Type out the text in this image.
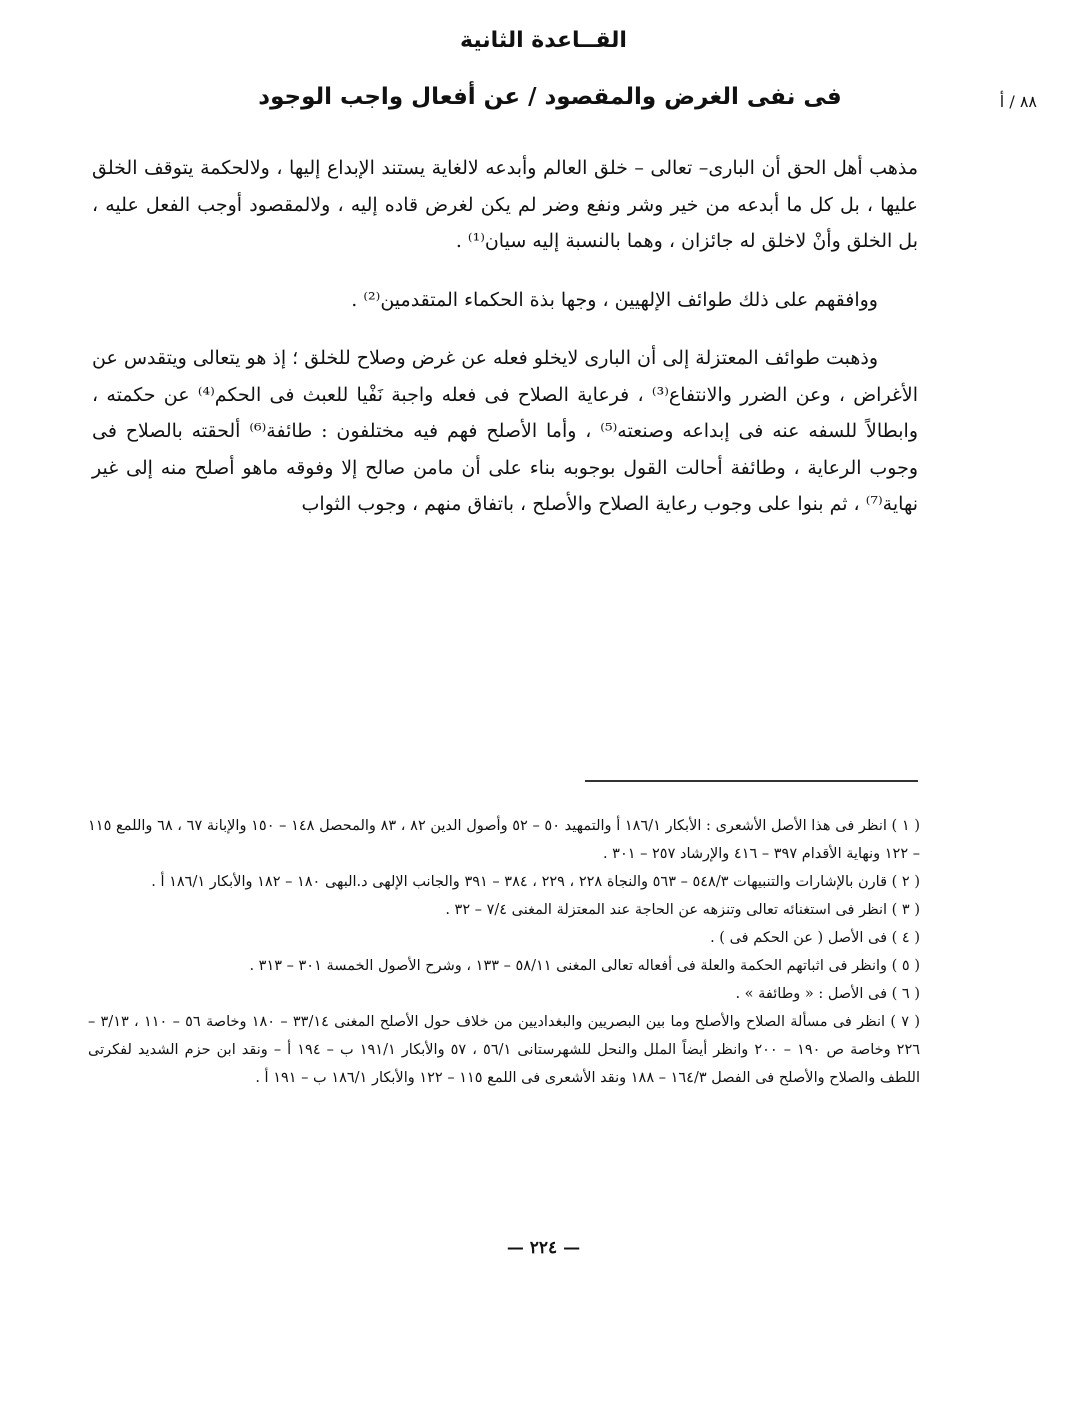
٨٨ / ﺃ
القــاعدة الثانية
فى نفى الغرض والمقصود / عن أفعال واجب الوجود

مذهب أهل الحق أن البارى– تعالى – خلق العالم وأبدعه لالغاية يستند الإبداع إليها ، ولالحكمة يتوقف الخلق عليها ، بل كل ما أبدعه من خير وشر ونفع وضر لم يكن لغرض قاده إليه ، ولالمقصود أوجب الفعل عليه ، بل الخلق وأنْ لاخلق له جائزان ، وهما بالنسبة إليه سيان⁽¹⁾ .

ووافقهم على ذلك طوائف الإلهيين ، وجها بذة الحكماء المتقدمين⁽²⁾ .

وذهبت طوائف المعتزلة إلى أن البارى لايخلو فعله عن غرض وصلاح للخلق ؛ إذ هو يتعالى ويتقدس عن الأغراض ، وعن الضرر والانتفاع⁽³⁾ ، فرعاية الصلاح فى فعله واجبة نَفْيا للعبث فى الحكم⁽⁴⁾ عن حكمته ، وابطالاً للسفه عنه فى إبداعه وصنعته⁽⁵⁾ ، وأما الأصلح فهم فيه مختلفون : طائفة⁽⁶⁾ ألحقته بالصلاح فى وجوب الرعاية ، وطائفة أحالت القول بوجوبه بناء على أن مامن صالح إلا وفوقه ماهو أصلح منه إلى غير نهاية⁽⁷⁾ ، ثم بنوا على وجوب رعاية الصلاح والأصلح ، باتفاق منهم ، وجوب الثواب

( ١ ) انظر فى هذا الأصل الأشعرى : الأبكار ١٨٦/١ أ والتمهيد ٥٠ – ٥٢ وأصول الدين ٨٢ ، ٨٣ والمحصل ١٤٨ – ١٥٠ والإبانة ٦٧ ، ٦٨ واللمع ١١٥ – ١٢٢ ونهاية الأقدام ٣٩٧ – ٤١٦ والإرشاد ٢٥٧ – ٣٠١ .

( ٢ ) قارن بالإشارات والتنبيهات ٥٤٨/٣ – ٥٦٣ والنجاة ٢٢٨ ، ٢٢٩ ، ٣٨٤ – ٣٩١ والجانب الإلهى د.البهى ١٨٠ – ١٨٢ والأبكار ١٨٦/١ أ .

( ٣ ) انظر فى استغنائه تعالى وتنزهه عن الحاجة عند المعتزلة المغنى ٧/٤ – ٣٢ .

( ٤ ) فى الأصل ( عن الحكم فى ) .

( ٥ ) وانظر فى اثباتهم الحكمة والعلة فى أفعاله تعالى المغنى ٥٨/١١ – ١٣٣ ، وشرح الأصول الخمسة ٣٠١ – ٣١٣ .

( ٦ ) فى الأصل : « وطائفة » .

( ٧ ) انظر فى مسألة الصلاح والأصلح وما بين البصريين والبغداديين من خلاف حول الأصلح المغنى ٣٣/١٤ – ١٨٠ وخاصة ٥٦ – ١١٠ ، ٣/١٣ – ٢٢٦ وخاصة ص ١٩٠ – ٢٠٠ وانظر أيضاً الملل والنحل للشهرستانى ٥٦/١ ، ٥٧ والأبكار ١٩١/١ ب – ١٩٤ أ – ونقد ابن حزم الشديد لفكرتى اللطف والصلاح والأصلح فى الفصل ١٦٤/٣ – ١٨٨ ونقد الأشعرى فى اللمع ١١٥ – ١٢٢ والأبكار ١٨٦/١ ب – ١٩١ أ .

— ٢٢٤ —
